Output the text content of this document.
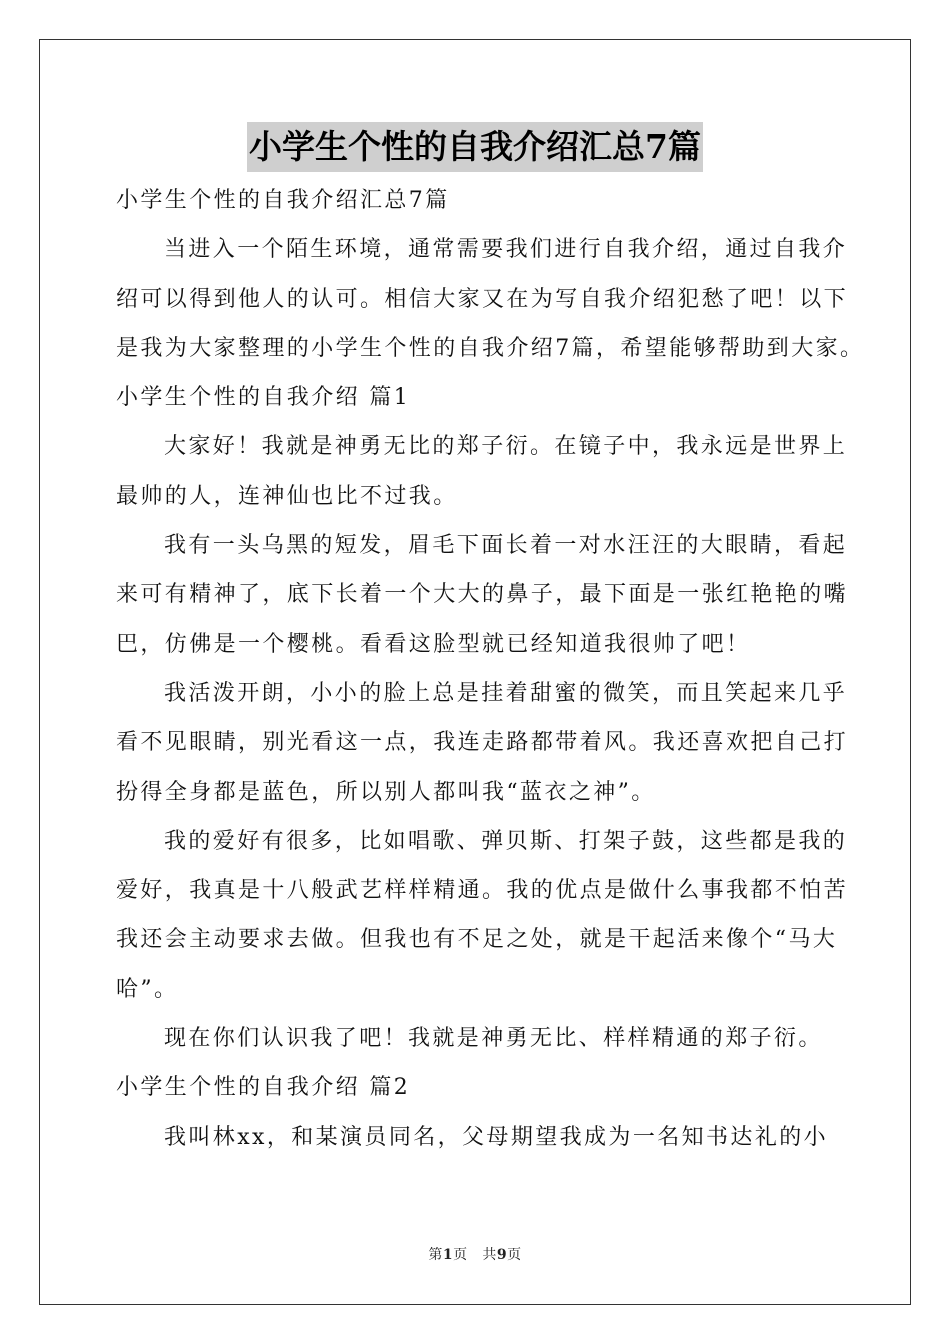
小学生个性的自我介绍汇总7篇
小学生个性的自我介绍汇总7篇
当进入一个陌生环境，通常需要我们进行自我介绍，通过自我介
绍可以得到他人的认可。相信大家又在为写自我介绍犯愁了吧！以下
是我为大家整理的小学生个性的自我介绍7篇，希望能够帮助到大家。
小学生个性的自我介绍 篇1
大家好！我就是神勇无比的郑子衍。在镜子中，我永远是世界上
最帅的人，连神仙也比不过我。
我有一头乌黑的短发，眉毛下面长着一对水汪汪的大眼睛，看起
来可有精神了，底下长着一个大大的鼻子，最下面是一张红艳艳的嘴
巴，仿佛是一个樱桃。看看这脸型就已经知道我很帅了吧！
我活泼开朗，小小的脸上总是挂着甜蜜的微笑，而且笑起来几乎
看不见眼睛，别光看这一点，我连走路都带着风。我还喜欢把自己打
扮得全身都是蓝色，所以别人都叫我“蓝衣之神”。
我的爱好有很多，比如唱歌、弹贝斯、打架子鼓，这些都是我的
爱好，我真是十八般武艺样样精通。我的优点是做什么事我都不怕苦
我还会主动要求去做。但我也有不足之处，就是干起活来像个“马大
哈”。
现在你们认识我了吧！我就是神勇无比、样样精通的郑子衍。
小学生个性的自我介绍 篇2
我叫林xx，和某演员同名，父母期望我成为一名知书达礼的小
第1页 共9页
